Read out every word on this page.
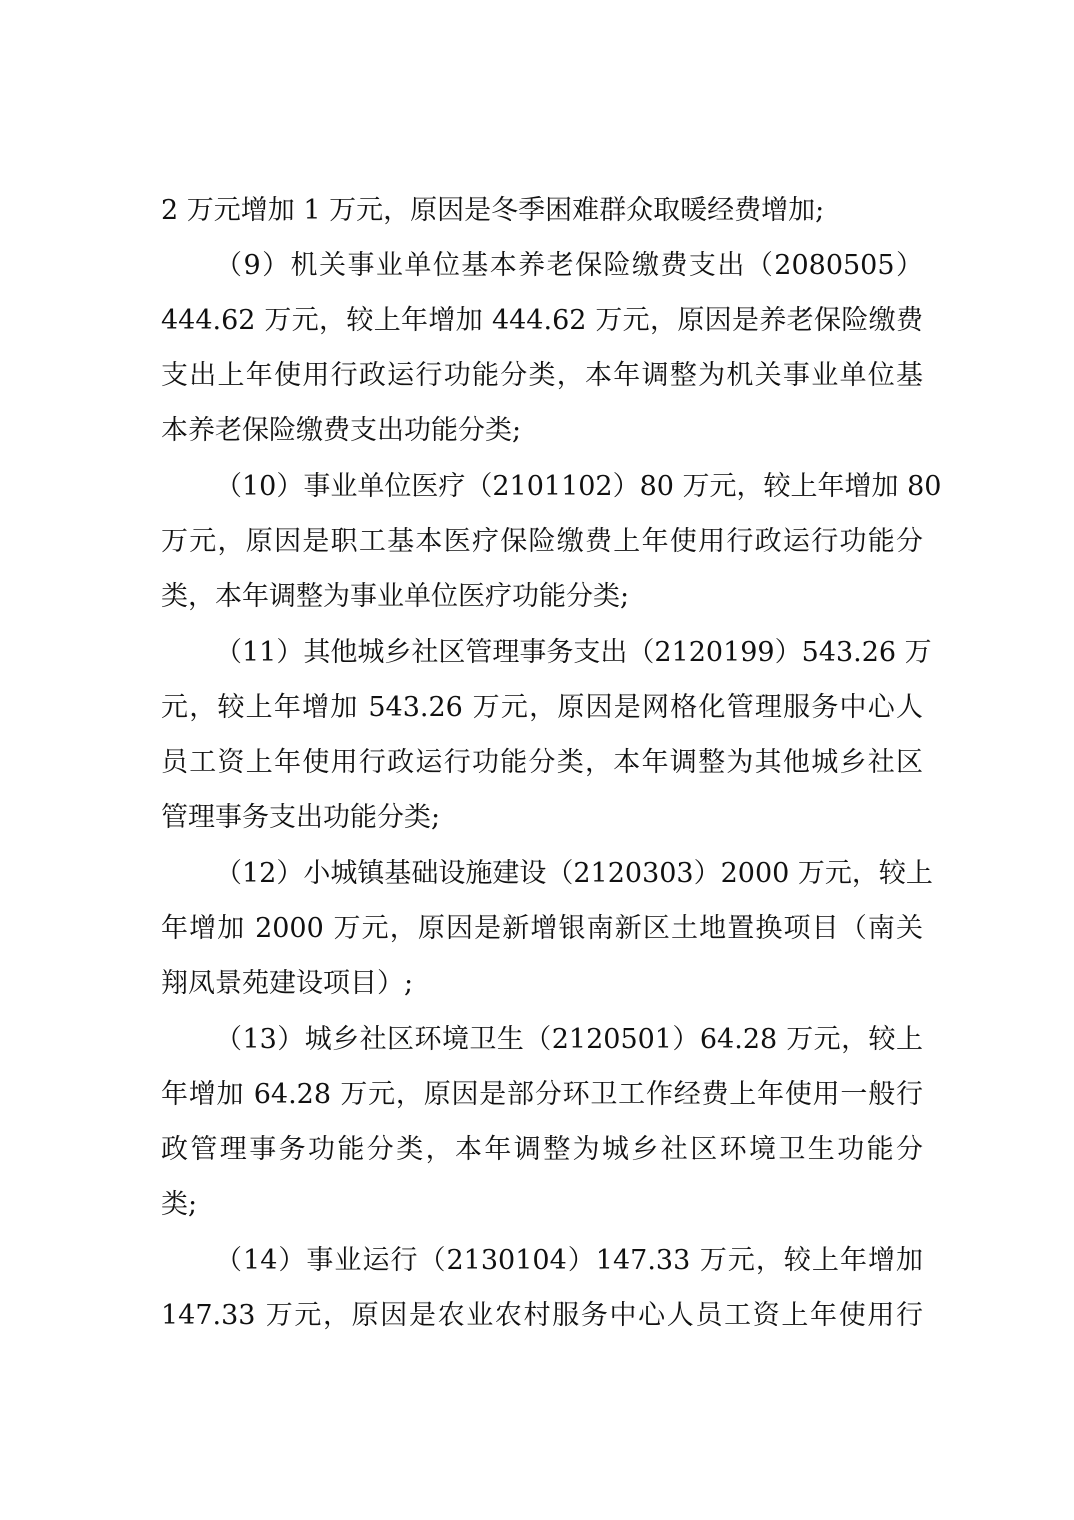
2 万元增加 1 万元，原因是冬季困难群众取暖经费增加;
（9）机关事业单位基本养老保险缴费支出（2080505）
444.62 万元，较上年增加 444.62 万元，原因是养老保险缴费
支出上年使用行政运行功能分类，本年调整为机关事业单位基
本养老保险缴费支出功能分类;
（10）事业单位医疗（2101102）80 万元，较上年增加 80
万元，原因是职工基本医疗保险缴费上年使用行政运行功能分
类，本年调整为事业单位医疗功能分类;
（11）其他城乡社区管理事务支出（2120199）543.26 万
元，较上年增加 543.26 万元，原因是网格化管理服务中心人
员工资上年使用行政运行功能分类，本年调整为其他城乡社区
管理事务支出功能分类;
（12）小城镇基础设施建设（2120303）2000 万元，较上
年增加 2000 万元，原因是新增银南新区土地置换项目（南关
翔凤景苑建设项目）;
（13）城乡社区环境卫生（2120501）64.28 万元，较上
年增加 64.28 万元，原因是部分环卫工作经费上年使用一般行
政管理事务功能分类，本年调整为城乡社区环境卫生功能分
类;
（14）事业运行（2130104）147.33 万元，较上年增加
147.33 万元，原因是农业农村服务中心人员工资上年使用行
